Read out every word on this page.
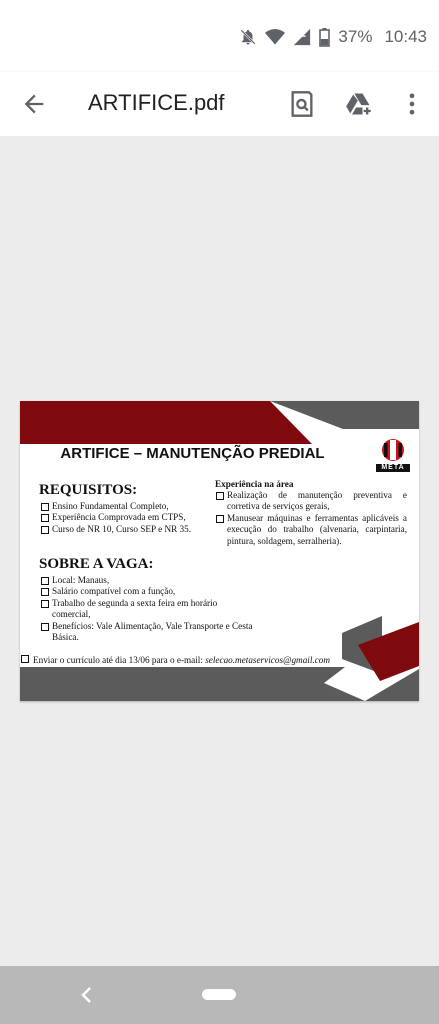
37% 10:43
ARTIFICE.pdf
ARTIFICE – MANUTENÇÃO PREDIAL
META
REQUISITOS:
Ensino Fundamental Completo,
Experiência Comprovada em CTPS,
Curso de NR 10, Curso SEP e NR 35.
Experiência na área
Realização de manutenção preventiva e corretiva de serviços gerais,
Manusear máquinas e ferramentas aplicáveis a execução do trabalho (alvenaria, carpintaria, pintura, soldagem, serralheria).
SOBRE A VAGA:
Local: Manaus,
Salário compatível com a função,
Trabalho de segunda a sexta feira em horário comercial,
Benefícios: Vale Alimentação, Vale Transporte e Cesta Básica.
Enviar o currículo até dia 13/06 para o e-mail: selecao.metaservicos@gmail.com
